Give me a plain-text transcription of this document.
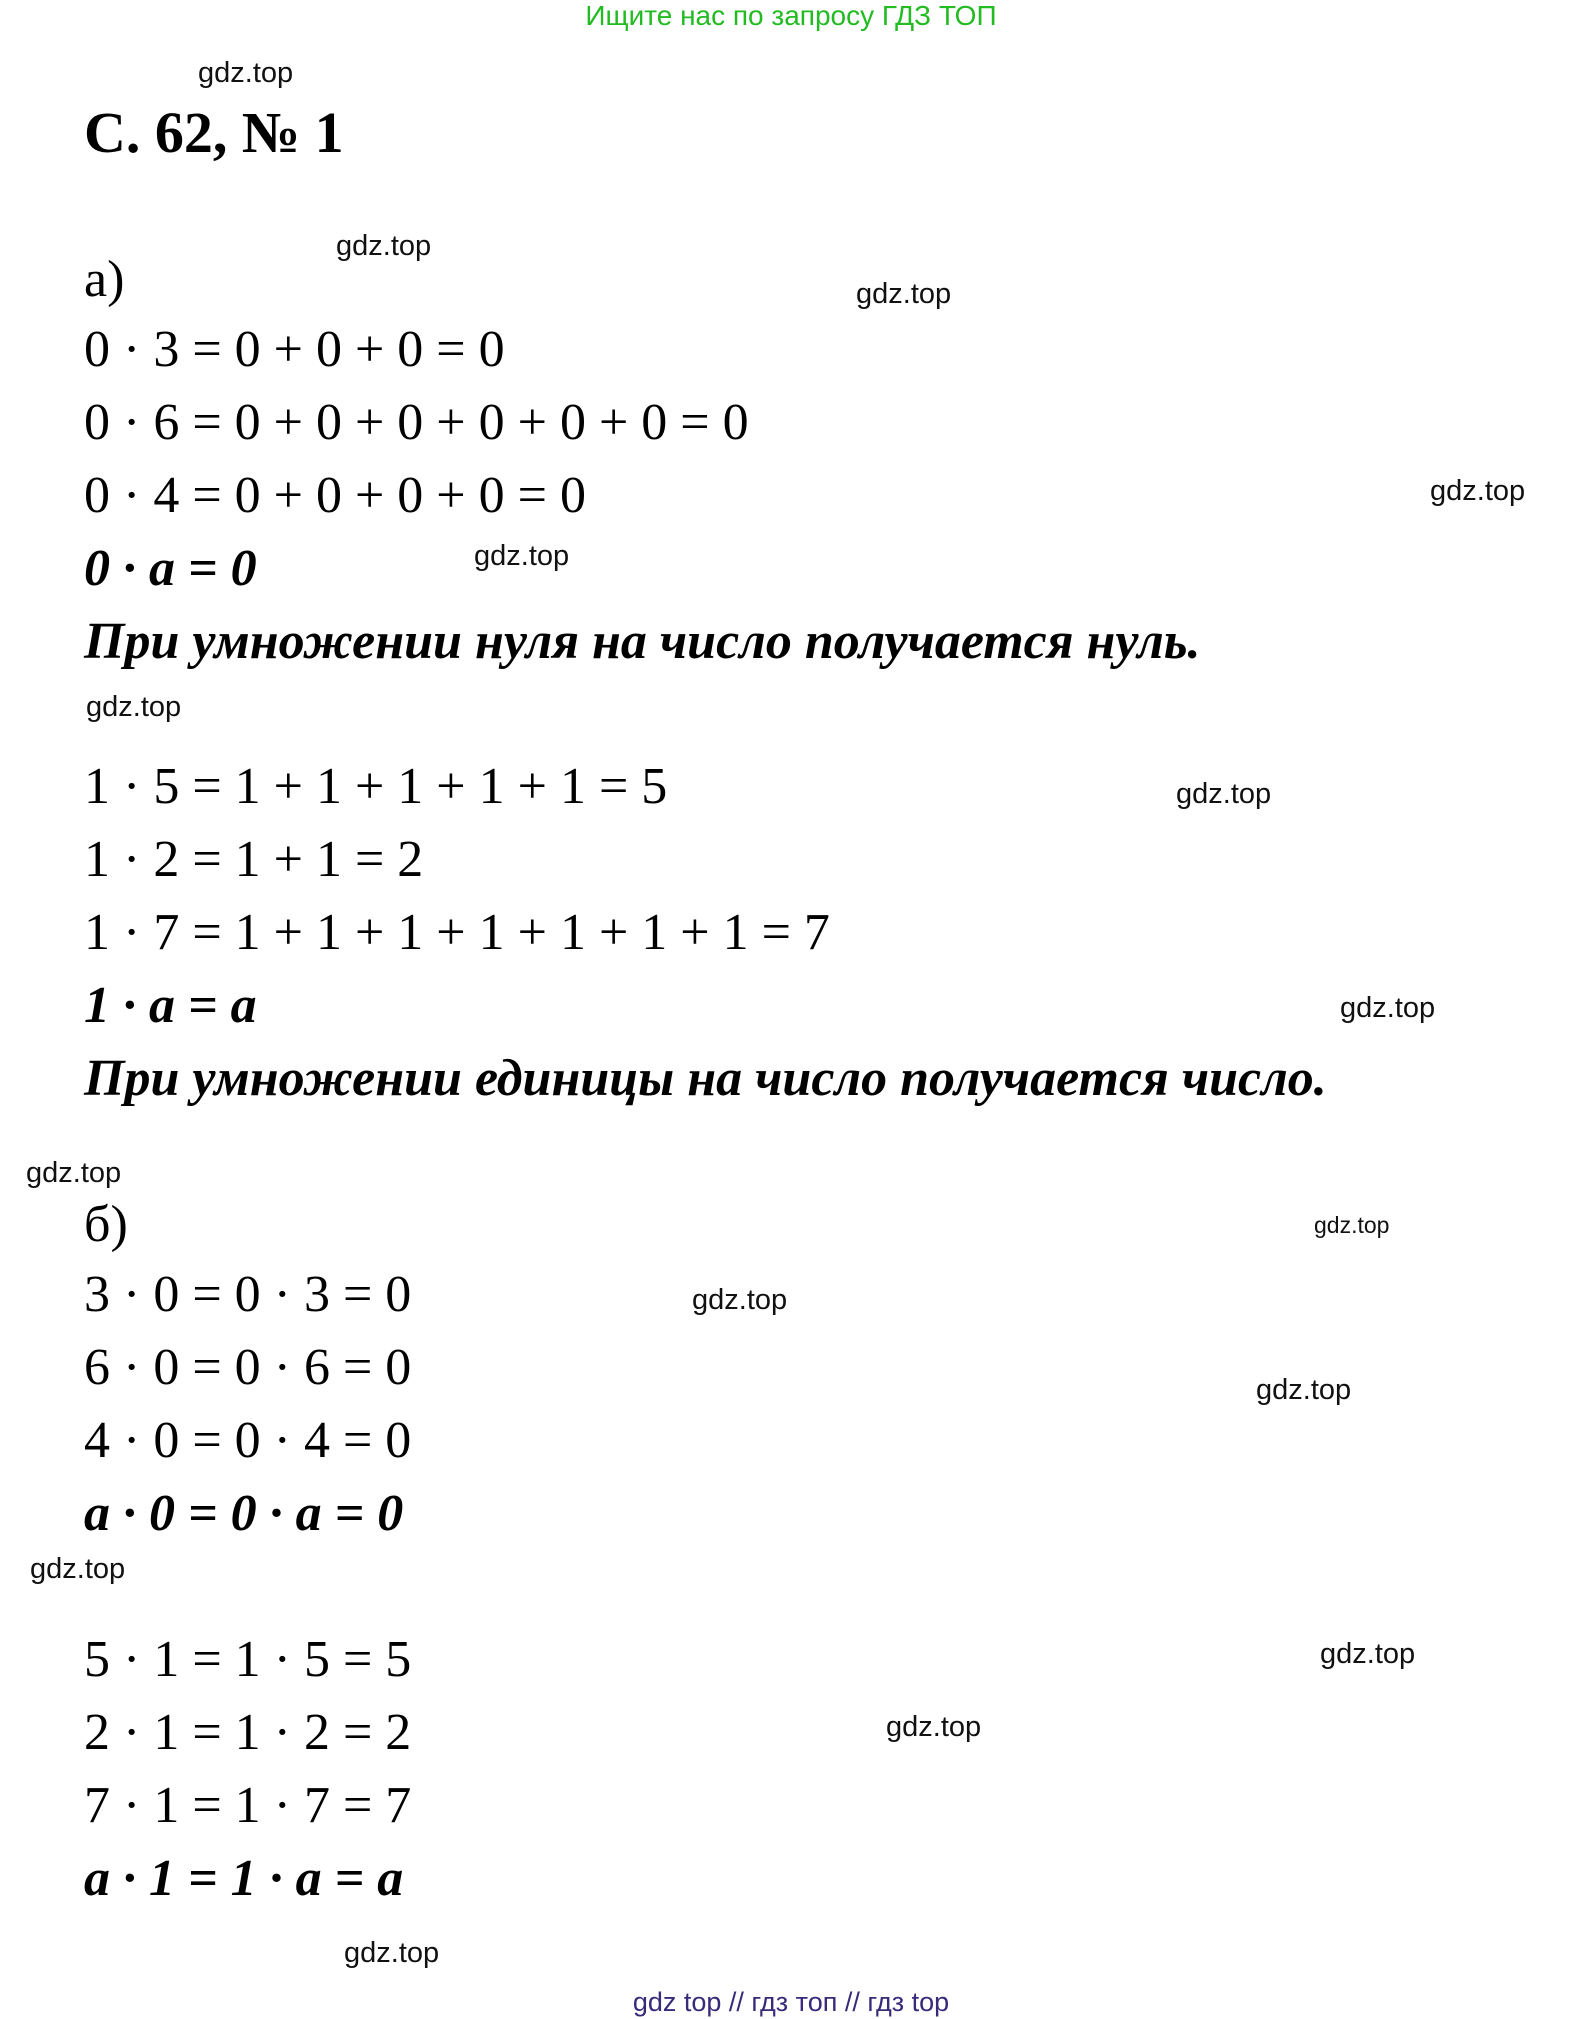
Ищите нас по запросу ГДЗ ТОП
С. 62, № 1
gdz.top
gdz.top
gdz.top
gdz.top
gdz.top
gdz.top
gdz.top
gdz.top
gdz.top
gdz.top
gdz.top
gdz.top
gdz.top
gdz.top
gdz.top
gdz.top
а)
0 · 3 = 0 + 0 + 0 = 0
0 · 6 = 0 + 0 + 0 + 0 + 0 + 0 = 0
0 · 4 = 0 + 0 + 0 + 0 = 0
0 · a = 0
При умножении нуля на число получается нуль.
1 · 5 = 1 + 1 + 1 + 1 + 1 = 5
1 · 2 = 1 + 1 = 2
1 · 7 = 1 + 1 + 1 + 1 + 1 + 1 + 1 = 7
1 · a = a
При умножении единицы на число получается число.
б)
3 · 0 = 0 · 3 = 0
6 · 0 = 0 · 6 = 0
4 · 0 = 0 · 4 = 0
a · 0 = 0 · a = 0
5 · 1 = 1 · 5 = 5
2 · 1 = 1 · 2 = 2
7 · 1 = 1 · 7 = 7
a · 1 = 1 · a = a
gdz top // гдз топ // гдз top
